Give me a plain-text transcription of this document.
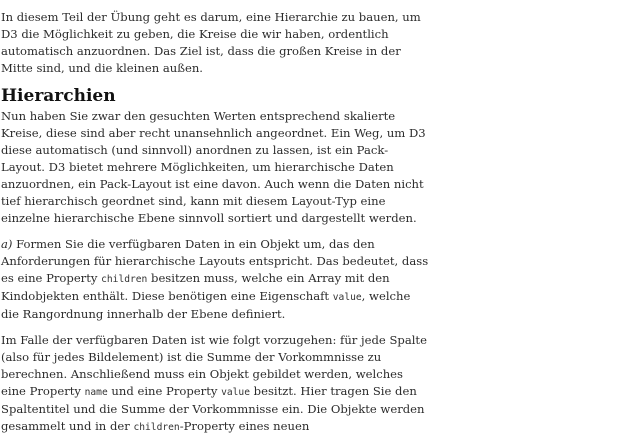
In diesem Teil der Übung geht es darum, eine Hierarchie zu bauen, um D3 die Möglichkeit zu geben, die Kreise die wir haben, ordentlich automatisch anzuordnen. Das Ziel ist, dass die großen Kreise in der Mitte sind, und die kleinen außen.

Hierarchien

Nun haben Sie zwar den gesuchten Werten entsprechend skalierte Kreise, diese sind aber recht unansehnlich angeordnet. Ein Weg, um D3 diese automatisch (und sinnvoll) anordnen zu lassen, ist ein Pack-Layout. D3 bietet mehrere Möglichkeiten, um hierarchische Daten anzuordnen, ein Pack-Layout ist eine davon. Auch wenn die Daten nicht tief hierarchisch geordnet sind, kann mit diesem Layout-Typ eine einzelne hierarchische Ebene sinnvoll sortiert und dargestellt werden.

a) Formen Sie die verfügbaren Daten in ein Objekt um, das den Anforderungen für hierarchische Layouts entspricht. Das bedeutet, dass es eine Property children besitzen muss, welche ein Array mit den Kindobjekten enthält. Diese benötigen eine Eigenschaft value, welche die Rangordnung innerhalb der Ebene definiert.

Im Falle der verfügbaren Daten ist wie folgt vorzugehen: für jede Spalte (also für jedes Bildelement) ist die Summe der Vorkommnisse zu berechnen. Anschließend muss ein Objekt gebildet werden, welches eine Property name und eine Property value besitzt. Hier tragen Sie den Spaltentitel und die Summe der Vorkommnisse ein. Die Objekte werden gesammelt und in der children-Property eines neuen
